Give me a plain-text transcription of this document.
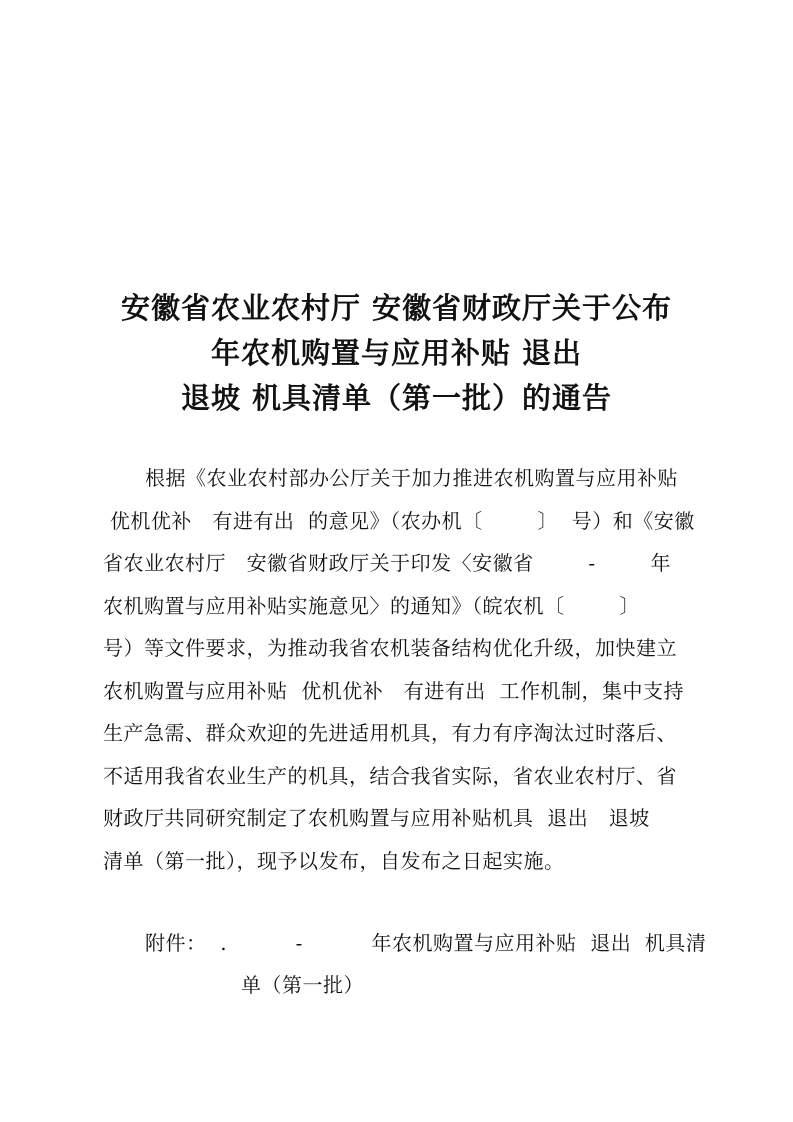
安徽省农业农村厅 安徽省财政厅关于公布
年农机购置与应用补贴 退出
退坡 机具清单（第一批）的通告
根据《农业农村部办公厅关于加力推进农机购置与应用补贴
优机优补   有进有出  的意见》（农办机〔        〕  号）和《安徽
省农业农村厅   安徽省财政厅关于印发〈安徽省        -        年
农机购置与应用补贴实施意见〉的通知》（皖农机〔        〕
号）等文件要求，为推动我省农机装备结构优化升级，加快建立
农机购置与应用补贴  优机优补   有进有出  工作机制，集中支持
生产急需、群众欢迎的先进适用机具，有力有序淘汰过时落后、
不适用我省农业生产的机具，结合我省实际，省农业农村厅、省
财政厅共同研究制定了农机购置与应用补贴机具  退出   退坡
清单（第一批），现予以发布，自发布之日起实施。
附件：  .          -          年农机购置与应用补贴  退出  机具清
单（第一批）
